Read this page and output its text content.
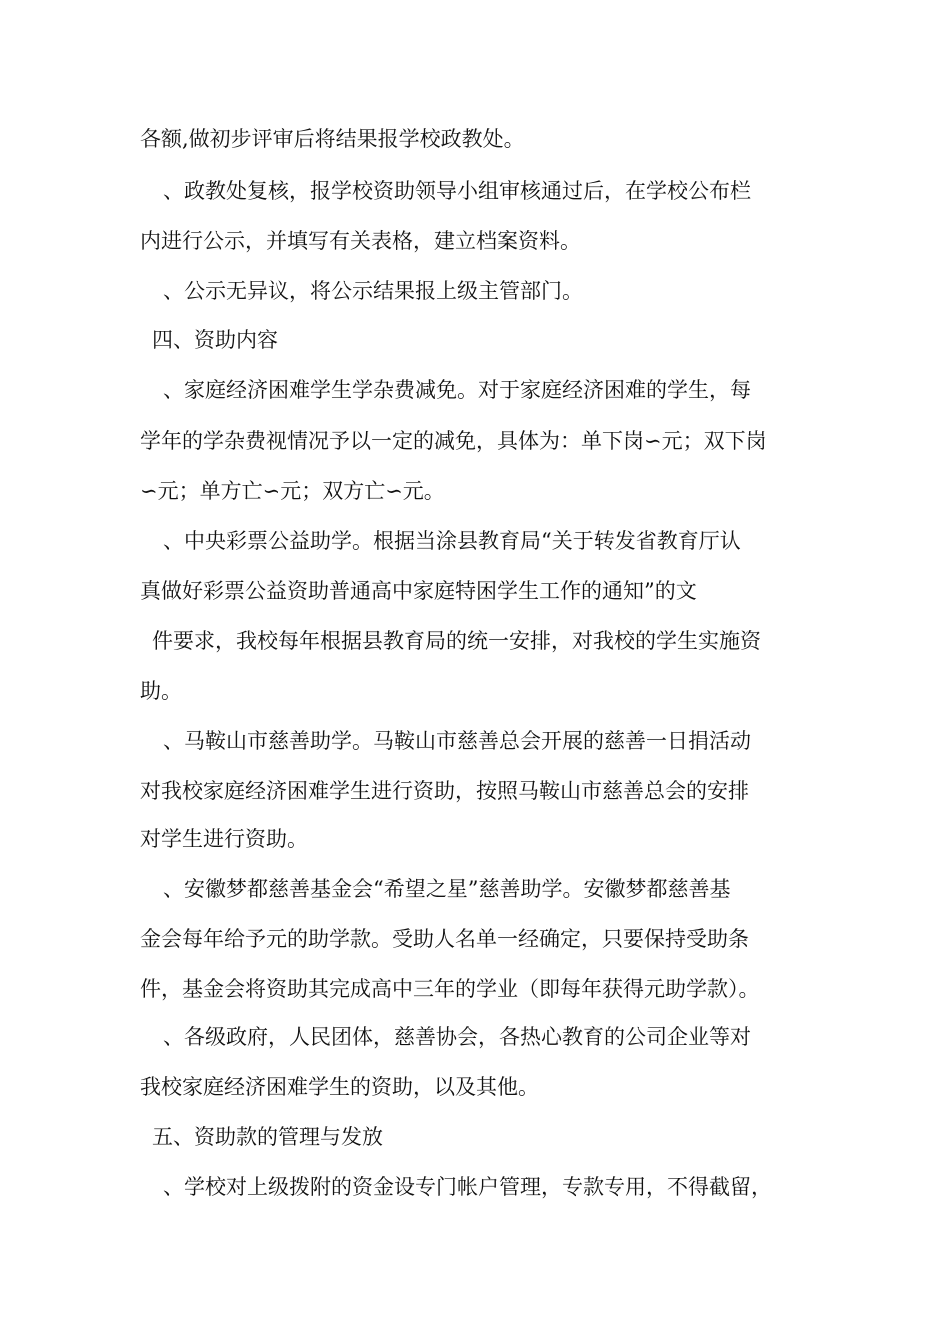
各额,做初步评审后将结果报学校政教处。
、政教处复核，报学校资助领导小组审核通过后，在学校公布栏
内进行公示，并填写有关表格，建立档案资料。
、公示无异议，将公示结果报上级主管部门。
四、资助内容
、家庭经济困难学生学杂费减免。对于家庭经济困难的学生，每
学年的学杂费视情况予以一定的减免，具体为：单下岗∽元；双下岗
∽元；单方亡∽元；双方亡∽元。
、中央彩票公益助学。根据当涂县教育局“关于转发省教育厅认
真做好彩票公益资助普通高中家庭特困学生工作的通知”的文
件要求，我校每年根据县教育局的统一安排，对我校的学生实施资
助。
、马鞍山市慈善助学。马鞍山市慈善总会开展的慈善一日捐活动
对我校家庭经济困难学生进行资助，按照马鞍山市慈善总会的安排
对学生进行资助。
、安徽梦都慈善基金会“希望之星”慈善助学。安徽梦都慈善基
金会每年给予元的助学款。受助人名单一经确定，只要保持受助条
件，基金会将资助其完成高中三年的学业（即每年获得元助学款）。
、各级政府，人民团体，慈善协会，各热心教育的公司企业等对
我校家庭经济困难学生的资助，以及其他。
五、资助款的管理与发放
、学校对上级拨附的资金设专门帐户管理，专款专用，不得截留，
